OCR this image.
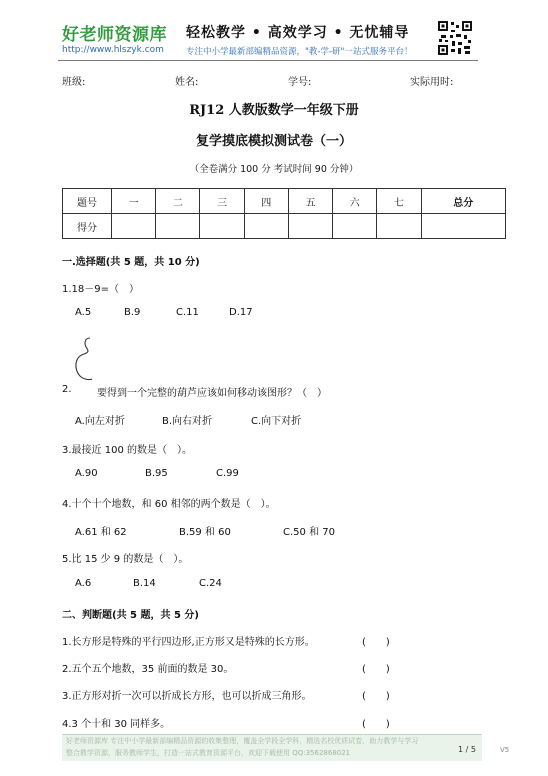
好老师资源库 轻松教学 • 高效学习 • 无忧辅导
http://www.hlszyk.com	专注中小学最新部编精品资源，"教-学-研"一站式服务平台！
班级:	姓名:	学号:	实际用时:
RJ12 人教版数学一年级下册
复学摸底模拟测试卷（一）
（全卷满分 100 分 考试时间 90 分钟）
题号	一	二	三	四	五	六	七	总分
得分								
一.选择题(共 5 题，共 10 分)
1.18－9=（　）
A.5	B.9	C.11	D.17
2.	要得到一个完整的葫芦应该如何移动该图形？（　）
A.向左对折	B.向右对折	C.向下对折
3.最接近 100 的数是（　）。
A.90	B.95	C.99
4.十个十个地数，和 60 相邻的两个数是（　）。
A.61 和 62	B.59 和 60	C.50 和 70
5.比 15 少 9 的数是（　）。
A.6	B.14	C.24
二、判断题(共 5 题，共 5 分)
1.长方形是特殊的平行四边形,正方形又是特殊的长方形。	(　　)
2.五个五个地数，35 前面的数是 30。	(　　)
3.正方形对折一次可以折成长方形，也可以折成三角形。	(　　)
4.3 个十和 30 同样多。	(　　)
好老师资源库 专注中小学最新部编精品资源的收集整理，覆盖全学段全学科，精选名校优质试卷，助力教学与学习
整合教学资源，服务教师学生，打造一站式教育资源平台，欢迎下载使用 QQ:3562868021	1 / 5	V5
